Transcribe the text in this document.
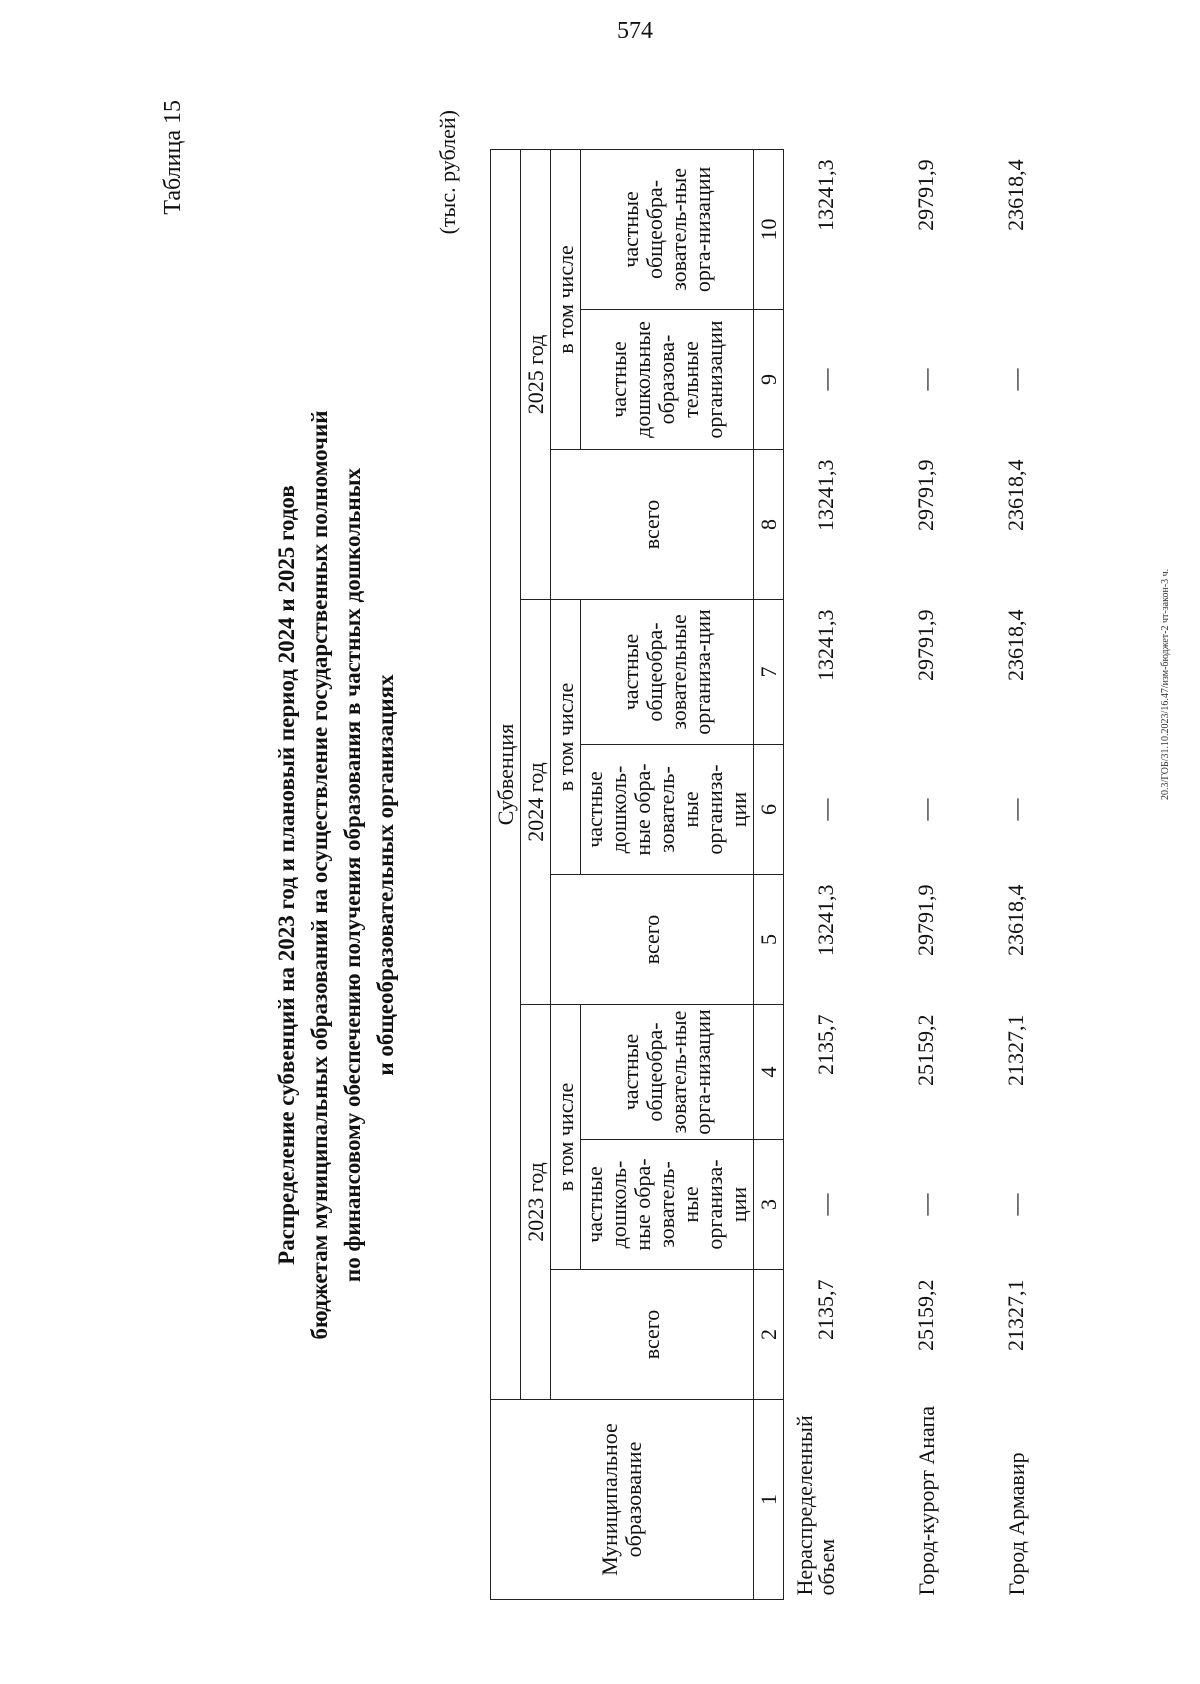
574
Таблица 15
Распределение субвенций на 2023 год и плановый период 2024 и 2025 годов бюджетам муниципальных образований на осуществление государственных полномочий по финансовому обеспечению получения образования в частных дошкольных и общеобразовательных организациях
(тыс. рублей)
Муниципальное образование	Субвенция								
	2023 год			2024 год			2025 год		
	всего	в том числе		всего	в том числе		всего	в том числе	
		частные дошколь-ные обра-зователь-ные организа-ции	частные общеобра-зователь-ные орга-низации		частные дошколь-ные обра-зователь-ные организа-ции	частные общеобра-зовательные организа-ции		частные дошкольные образова-тельные организации	частные общеобра-зователь-ные орга-низации
1	2	3	4	5	6	7	8	9	10
Нераспределенный объем	2135,7	—	2135,7	13241,3	—	13241,3	13241,3	—	13241,3
Город-курорт Анапа	25159,2	—	25159,2	29791,9	—	29791,9	29791,9	—	29791,9
Город Армавир	21327,1	—	21327,1	23618,4	—	23618,4	23618,4	—	23618,4
20.3/ГОБ/31.10.2023/16.47/изм-бюджет-2 чт-закон-3 ч.
